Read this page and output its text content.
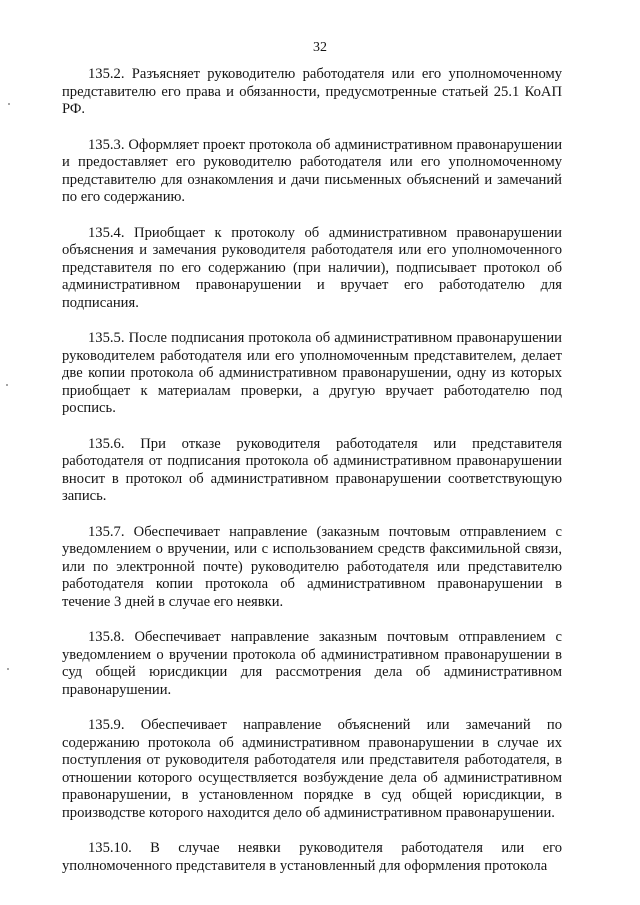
32

135.2. Разъясняет руководителю работодателя или его уполномоченному представителю его права и обязанности, предусмотренные статьей 25.1 КоАП РФ.

135.3. Оформляет проект протокола об административном правонарушении и предоставляет его руководителю работодателя или его уполномоченному представителю для ознакомления и дачи письменных объяснений и замечаний по его содержанию.

135.4. Приобщает к протоколу об административном правонарушении объяснения и замечания руководителя работодателя или его уполномоченного представителя по его содержанию (при наличии), подписывает протокол об административном правонарушении и вручает его работодателю для подписания.

135.5. После подписания протокола об административном правонарушении руководителем работодателя или его уполномоченным представителем, делает две копии протокола об административном правонарушении, одну из которых приобщает к материалам проверки, а другую вручает работодателю под роспись.

135.6. При отказе руководителя работодателя или представителя работодателя от подписания протокола об административном правонарушении вносит в протокол об административном правонарушении соответствующую запись.

135.7. Обеспечивает направление (заказным почтовым отправлением с уведомлением о вручении, или с использованием средств факсимильной связи, или по электронной почте) руководителю работодателя или представителю работодателя копии протокола об административном правонарушении в течение 3 дней в случае его неявки.

135.8. Обеспечивает направление заказным почтовым отправлением с уведомлением о вручении протокола об административном правонарушении в суд общей юрисдикции для рассмотрения дела об административном правонарушении.

135.9. Обеспечивает направление объяснений или замечаний по содержанию протокола об административном правонарушении в случае их поступления от руководителя работодателя или представителя работодателя, в отношении которого осуществляется возбуждение дела об административном правонарушении, в установленном порядке в суд общей юрисдикции, в производстве которого находится дело об административном правонарушении.

135.10. В случае неявки руководителя работодателя или его уполномоченного представителя в установленный для оформления протокола
